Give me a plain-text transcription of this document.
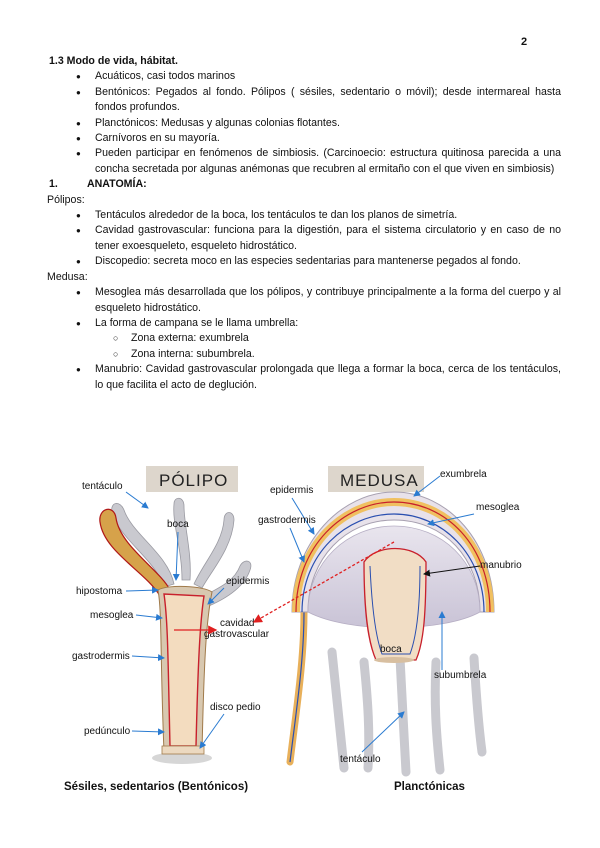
2
1.3 Modo de vida, hábitat.
● Acuáticos, casi todos marinos
● Bentónicos: Pegados al fondo. Pólipos ( sésiles, sedentario o móvil); desde intermareal hasta fondos profundos.
● Planctónicos: Medusas y algunas colonias flotantes.
● Carnívoros en su mayoría.
● Pueden participar en fenómenos de simbiosis. (Carcinoecio: estructura quitinosa parecida a una concha secretada por algunas anémonas que recubren al ermitaño con el que viven en simbiosis)
1.	ANATOMÍA:
Pólipos:
● Tentáculos alrededor de la boca, los tentáculos te dan los planos de simetría.
● Cavidad gastrovascular: funciona para la digestión, para el sistema circulatorio y en caso de no tener exoesqueleto, esqueleto hidrostático.
● Discopedio: secreta moco en las especies sedentarias para mantenerse pegados al fondo.
Medusa:
● Mesoglea más desarrollada que los pólipos, y contribuye principalmente a la forma del cuerpo y al esqueleto hidrostático.
● La forma de campana se le llama umbrella:
○ Zona externa: exumbrela
○ Zona interna: subumbrela.
● Manubrio: Cavidad gastrovascular prolongada que llega a formar la boca, cerca de los tentáculos, lo que facilita el acto de deglución.
PÓLIPO	MEDUSA
tentáculo
boca
hipostoma
epidermis
mesoglea
cavidad
gastrovascular
gastrodermis
disco pedio
pedúnculo
exumbrela
mesoglea
epidermis
gastrodermis
manubrio
boca
subumbrela
tentáculo
Sésiles, sedentarios (Bentónicos)	Planctónicas
